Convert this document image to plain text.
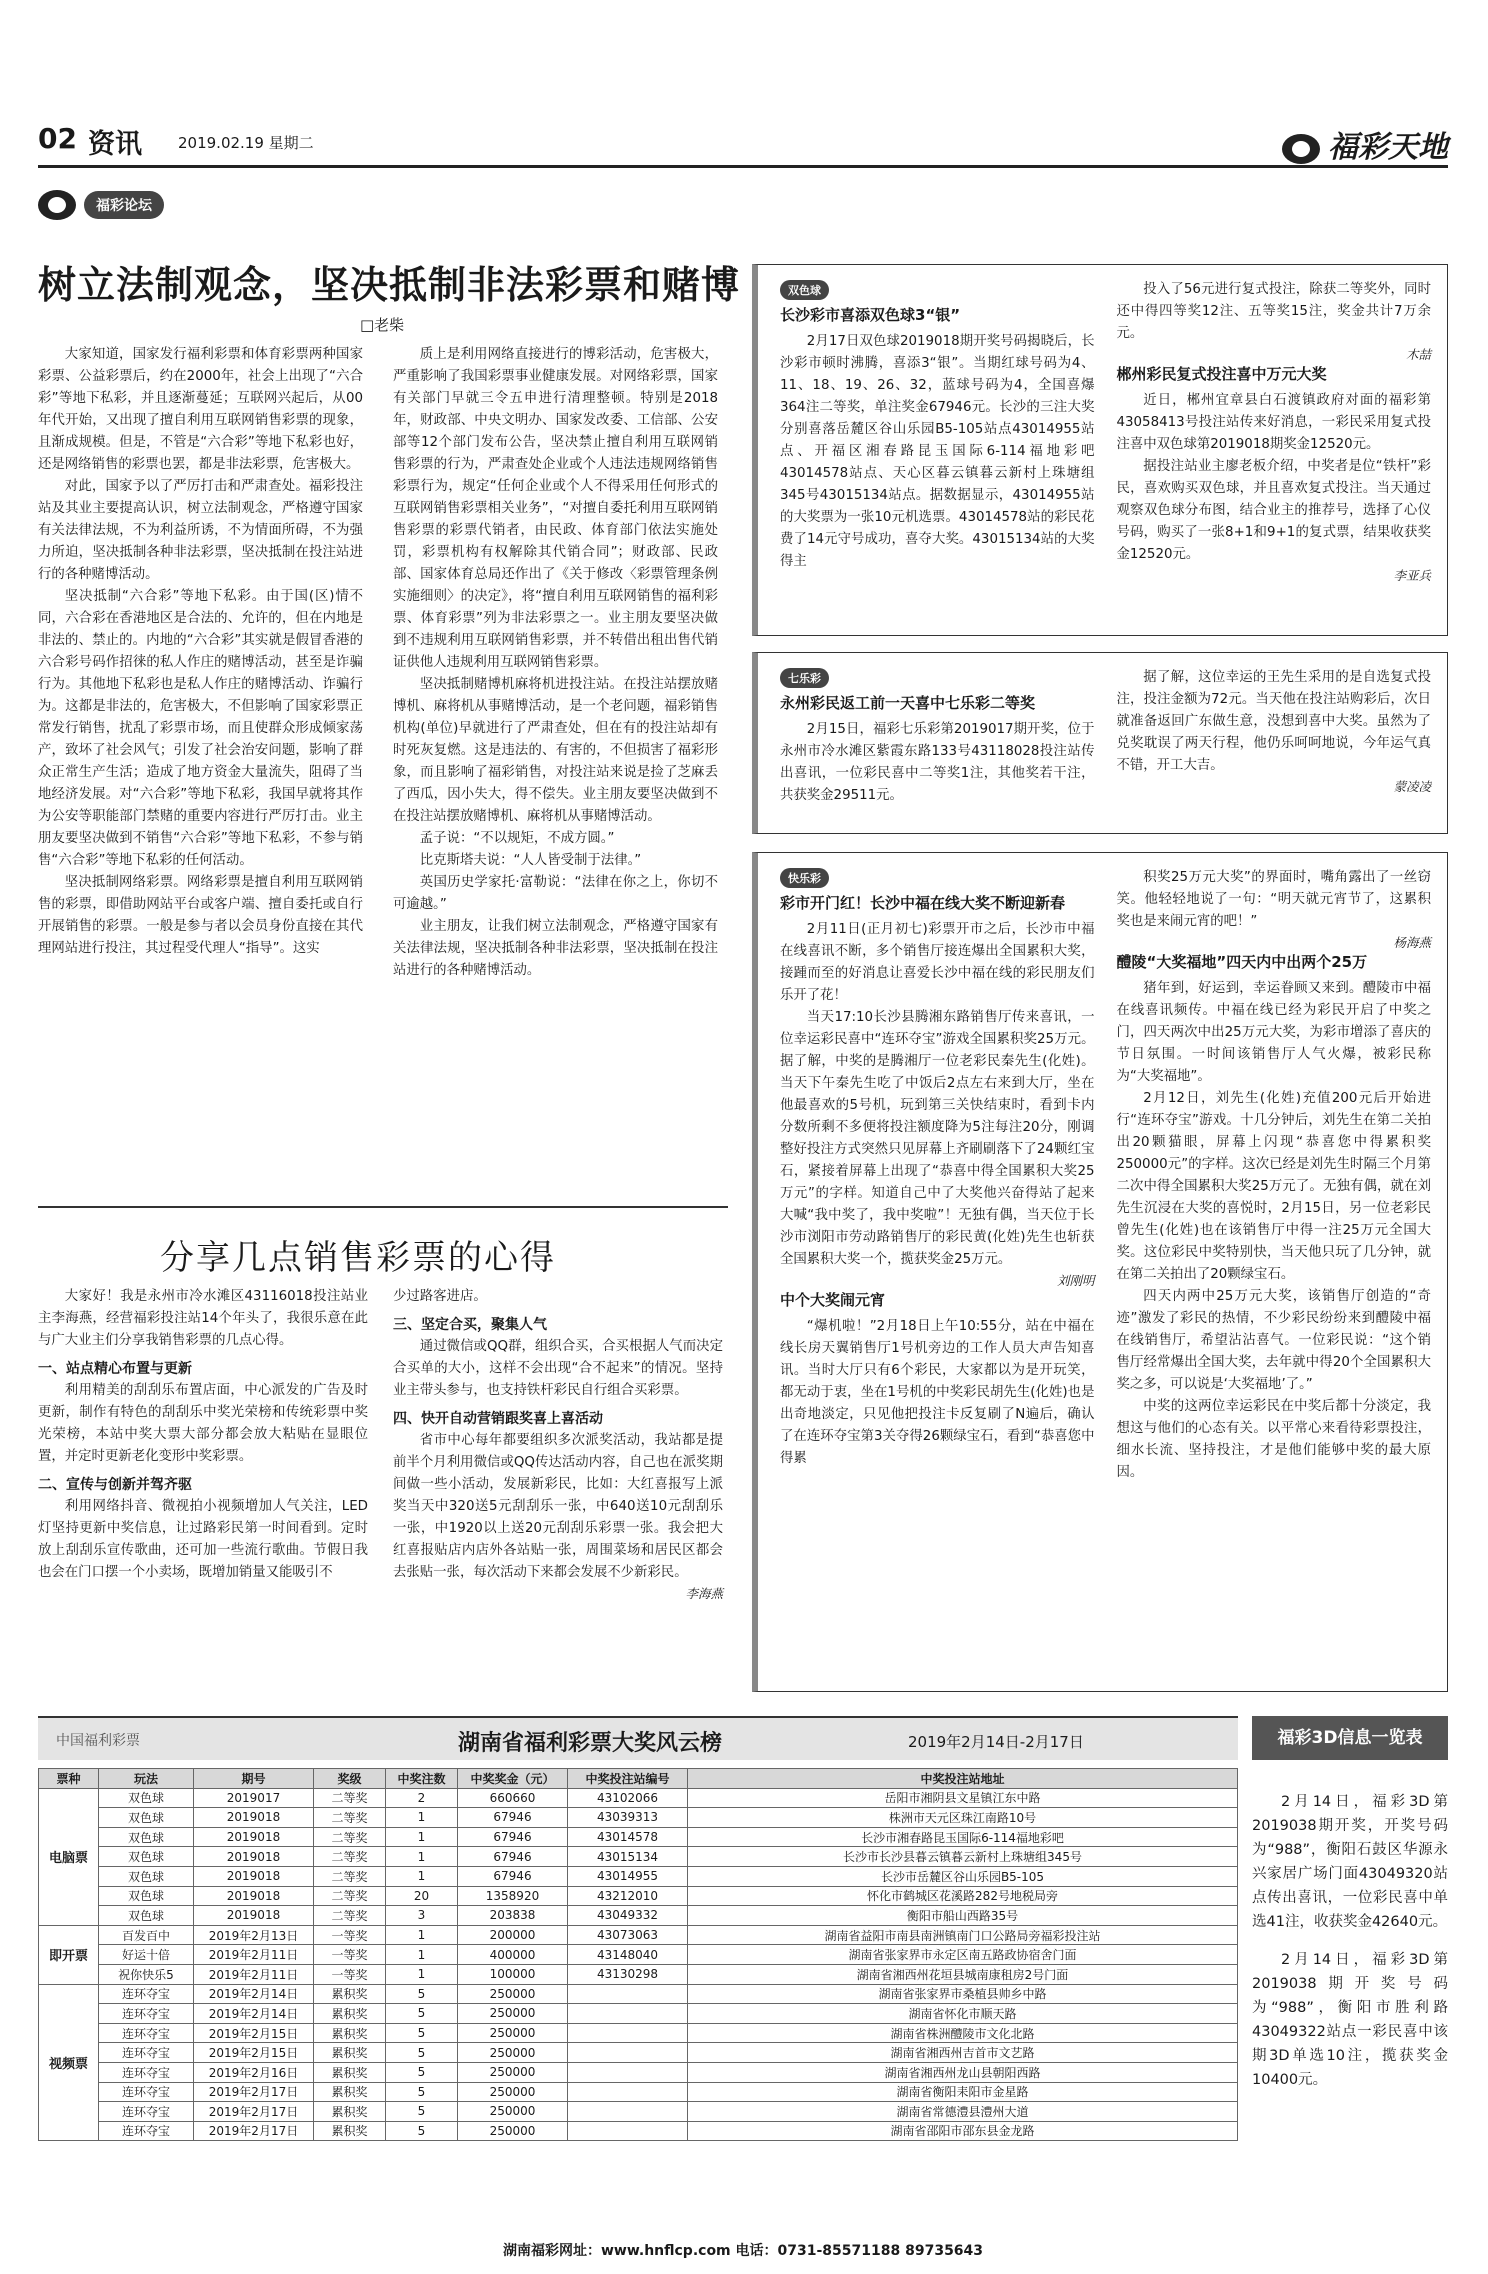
02 资讯 2019.02.19 星期二	福彩天地
福彩论坛
树立法制观念，坚决抵制非法彩票和赌博
□老柴

大家知道，国家发行福利彩票和体育彩票两种国家彩票、公益彩票后，约在2000年，社会上出现了“六合彩”等地下私彩，并且逐渐蔓延；互联网兴起后，从00年代开始，又出现了擅自利用互联网销售彩票的现象，且渐成规模。但是，不管是“六合彩”等地下私彩也好，还是网络销售的彩票也罢，都是非法彩票，危害极大。

对此，国家予以了严厉打击和严肃查处。福彩投注站及其业主要提高认识，树立法制观念，严格遵守国家有关法律法规，不为利益所诱，不为情面所碍，不为强力所迫，坚决抵制各种非法彩票，坚决抵制在投注站进行的各种赌博活动。

坚决抵制“六合彩”等地下私彩。由于国(区)情不同，六合彩在香港地区是合法的、允许的，但在内地是非法的、禁止的。内地的“六合彩”其实就是假冒香港的六合彩号码作招徕的私人作庄的赌博活动，甚至是诈骗行为。其他地下私彩也是私人作庄的赌博活动、诈骗行为。这都是非法的，危害极大，不但影响了国家彩票正常发行销售，扰乱了彩票市场，而且使群众形成倾家荡产，致坏了社会风气；引发了社会治安问题，影响了群众正常生产生活；造成了地方资金大量流失，阻碍了当地经济发展。对“六合彩”等地下私彩，我国早就将其作为公安等职能部门禁赌的重要内容进行严厉打击。业主朋友要坚决做到不销售“六合彩”等地下私彩，不参与销售“六合彩”等地下私彩的任何活动。

坚决抵制网络彩票。网络彩票是擅自利用互联网销售的彩票，即借助网站平台或客户端、擅自委托或自行开展销售的彩票。一般是参与者以会员身份直接在其代理网站进行投注，其过程受代理人“指导”。这实

质上是利用网络直接进行的博彩活动，危害极大，严重影响了我国彩票事业健康发展。对网络彩票，国家有关部门早就三令五申进行清理整顿。特别是2018年，财政部、中央文明办、国家发改委、工信部、公安部等12个部门发布公告，坚决禁止擅自利用互联网销售彩票的行为，严肃查处企业或个人违法违规网络销售彩票行为，规定“任何企业或个人不得采用任何形式的互联网销售彩票相关业务”，“对擅自委托利用互联网销售彩票的彩票代销者，由民政、体育部门依法实施处罚，彩票机构有权解除其代销合同”；财政部、民政部、国家体育总局还作出了《关于修改〈彩票管理条例实施细则〉的决定》，将“擅自利用互联网销售的福利彩票、体育彩票”列为非法彩票之一。业主朋友要坚决做到不违规利用互联网销售彩票，并不转借出租出售代销证供他人违规利用互联网销售彩票。

坚决抵制赌博机麻将机进投注站。在投注站摆放赌博机、麻将机从事赌博活动，是一个老问题，福彩销售机构(单位)早就进行了严肃查处，但在有的投注站却有时死灰复燃。这是违法的、有害的，不但损害了福彩形象，而且影响了福彩销售，对投注站来说是捡了芝麻丢了西瓜，因小失大，得不偿失。业主朋友要坚决做到不在投注站摆放赌博机、麻将机从事赌博活动。

孟子说：“不以规矩，不成方圆。”

比克斯塔夫说：“人人皆受制于法律。”

英国历史学家托·富勒说：“法律在你之上，你切不可逾越。”

业主朋友，让我们树立法制观念，严格遵守国家有关法律法规，坚决抵制各种非法彩票，坚决抵制在投注站进行的各种赌博活动。

双色球
长沙彩市喜添双色球3“银”

2月17日双色球2019018期开奖号码揭晓后，长沙彩市顿时沸腾，喜添3“银”。当期红球号码为4、11、18、19、26、32，蓝球号码为4，全国喜爆364注二等奖，单注奖金67946元。长沙的三注大奖分别喜落岳麓区谷山乐园B5-105站点43014955站点、开福区湘春路昆玉国际6-114福地彩吧43014578站点、天心区暮云镇暮云新村上珠塘组345号43015134站点。据数据显示，43014955站的大奖票为一张10元机选票。43014578站的彩民花费了14元守号成功，喜夺大奖。43015134站的大奖得主

投入了56元进行复式投注，除获二等奖外，同时还中得四等奖12注、五等奖15注，奖金共计7万余元。

木喆
郴州彩民复式投注喜中万元大奖

近日，郴州宜章县白石渡镇政府对面的福彩第43058413号投注站传来好消息，一彩民采用复式投注喜中双色球第2019018期奖金12520元。

据投注站业主廖老板介绍，中奖者是位“铁杆”彩民，喜欢购买双色球，并且喜欢复式投注。当天通过观察双色球分布图，结合业主的推荐号，选择了心仪号码，购买了一张8+1和9+1的复式票，结果收获奖金12520元。

李亚兵
七乐彩
永州彩民返工前一天喜中七乐彩二等奖

2月15日，福彩七乐彩第2019017期开奖，位于永州市冷水滩区紫霞东路133号43118028投注站传出喜讯，一位彩民喜中二等奖1注，其他奖若干注，共获奖金29511元。

据了解，这位幸运的王先生采用的是自选复式投注，投注金额为72元。当天他在投注站购彩后，次日就准备返回广东做生意，没想到喜中大奖。虽然为了兑奖耽误了两天行程，他仍乐呵呵地说，今年运气真不错，开工大吉。

蒙凌凌
快乐彩
彩市开门红！长沙中福在线大奖不断迎新春

2月11日(正月初七)彩票开市之后，长沙市中福在线喜讯不断，多个销售厅接连爆出全国累积大奖，接踵而至的好消息让喜爱长沙中福在线的彩民朋友们乐开了花！

当天17:10长沙县腾湘东路销售厅传来喜讯，一位幸运彩民喜中“连环夺宝”游戏全国累积奖25万元。据了解，中奖的是腾湘厅一位老彩民秦先生(化姓)。当天下午秦先生吃了中饭后2点左右来到大厅，坐在他最喜欢的5号机，玩到第三关快结束时，看到卡内分数所剩不多便将投注额度降为5注每注20分，刚调整好投注方式突然只见屏幕上齐刷刷落下了24颗红宝石，紧接着屏幕上出现了“恭喜中得全国累积大奖25万元”的字样。知道自己中了大奖他兴奋得站了起来大喊“我中奖了，我中奖啦”！无独有偶，当天位于长沙市浏阳市劳动路销售厅的彩民黄(化姓)先生也斩获全国累积大奖一个，揽获奖金25万元。

刘刚明
中个大奖闹元宵

“爆机啦！”2月18日上午10:55分，站在中福在线长房天翼销售厅1号机旁边的工作人员大声告知喜讯。当时大厅只有6个彩民，大家都以为是开玩笑，都无动于衷，坐在1号机的中奖彩民胡先生(化姓)也是出奇地淡定，只见他把投注卡反复刷了N遍后，确认了在连环夺宝第3关夺得26颗绿宝石，看到“恭喜您中得累

积奖25万元大奖”的界面时，嘴角露出了一丝窃笑。他轻轻地说了一句：“明天就元宵节了，这累积奖也是来闹元宵的吧！”

杨海燕
醴陵“大奖福地”四天内中出两个25万

猪年到，好运到，幸运眷顾又来到。醴陵市中福在线喜讯频传。中福在线已经为彩民开启了中奖之门，四天两次中出25万元大奖，为彩市增添了喜庆的节日氛围。一时间该销售厅人气火爆，被彩民称为“大奖福地”。

2月12日，刘先生(化姓)充值200元后开始进行“连环夺宝”游戏。十几分钟后，刘先生在第二关拍出20颗猫眼，屏幕上闪现“恭喜您中得累积奖250000元”的字样。这次已经是刘先生时隔三个月第二次中得全国累积大奖25万元了。无独有偶，就在刘先生沉浸在大奖的喜悦时，2月15日，另一位老彩民曾先生(化姓)也在该销售厅中得一注25万元全国大奖。这位彩民中奖特别快，当天他只玩了几分钟，就在第二关拍出了20颗绿宝石。

四天内两中25万元大奖，该销售厅创造的“奇迹”激发了彩民的热情，不少彩民纷纷来到醴陵中福在线销售厅，希望沾沾喜气。一位彩民说：“这个销售厅经常爆出全国大奖，去年就中得20个全国累积大奖之多，可以说是‘大奖福地’了。”

中奖的这两位幸运彩民在中奖后都十分淡定，我想这与他们的心态有关。以平常心来看待彩票投注，细水长流、坚持投注，才是他们能够中奖的最大原因。

分享几点销售彩票的心得

大家好！我是永州市冷水滩区43116018投注站业主李海燕，经营福彩投注站14个年头了，我很乐意在此与广大业主们分享我销售彩票的几点心得。

一、站点精心布置与更新

利用精美的刮刮乐布置店面，中心派发的广告及时更新，制作有特色的刮刮乐中奖光荣榜和传统彩票中奖光荣榜，本站中奖大票大部分都会放大粘贴在显眼位置，并定时更新老化变形中奖彩票。

二、宣传与创新并驾齐驱

利用网络抖音、微视拍小视频增加人气关注，LED灯坚持更新中奖信息，让过路彩民第一时间看到。定时放上刮刮乐宣传歌曲，还可加一些流行歌曲。节假日我也会在门口摆一个小卖场，既增加销量又能吸引不

少过路客进店。

三、坚定合买，聚集人气

通过微信或QQ群，组织合买，合买根据人气而决定合买单的大小，这样不会出现“合不起来”的情况。坚持业主带头参与，也支持铁杆彩民自行组合买彩票。

四、快开自动营销跟奖喜上喜活动

省市中心每年都要组织多次派奖活动，我站都是提前半个月利用微信或QQ传达活动内容，自己也在派奖期间做一些小活动，发展新彩民，比如：大红喜报写上派奖当天中320送5元刮刮乐一张，中640送10元刮刮乐一张，中1920以上送20元刮刮乐彩票一张。我会把大红喜报贴店内店外各站贴一张，周围菜场和居民区都会去张贴一张，每次活动下来都会发展不少新彩民。

李海燕
中国福利彩票	湖南省福利彩票大奖风云榜	2019年2月14日-2月17日
票种	玩法	期号	奖级	中奖注数	中奖奖金（元）	中奖投注站编号	中奖投注站地址
电脑票	双色球	2019017	二等奖	2	660660	43102066	岳阳市湘阴县文星镇江东中路
	双色球	2019018	二等奖	1	67946	43039313	株洲市天元区珠江南路10号
	双色球	2019018	二等奖	1	67946	43014578	长沙市湘春路昆玉国际6-114福地彩吧
	双色球	2019018	二等奖	1	67946	43015134	长沙市长沙县暮云镇暮云新村上珠塘组345号
	双色球	2019018	二等奖	1	67946	43014955	长沙市岳麓区谷山乐园B5-105
	双色球	2019018	二等奖	20	1358920	43212010	怀化市鹤城区花溪路282号地税局旁
	双色球	2019018	二等奖	3	203838	43049332	衡阳市船山西路35号
即开票	百发百中	2019年2月13日	一等奖	1	200000	43073063	湖南省益阳市南县南洲镇南门口公路局旁福彩投注站
	好运十倍	2019年2月11日	一等奖	1	400000	43148040	湖南省张家界市永定区南五路政协宿舍门面
	祝你快乐5	2019年2月11日	一等奖	1	100000	43130298	湖南省湘西州花垣县城南康租房2号门面
视频票	连环夺宝	2019年2月14日	累积奖	5	250000		湖南省张家界市桑植县帅乡中路
	连环夺宝	2019年2月14日	累积奖	5	250000		湖南省怀化市顺天路
	连环夺宝	2019年2月15日	累积奖	5	250000		湖南省株洲醴陵市文化北路
	连环夺宝	2019年2月15日	累积奖	5	250000		湖南省湘西州吉首市文艺路
	连环夺宝	2019年2月16日	累积奖	5	250000		湖南省湘西州龙山县朝阳西路
	连环夺宝	2019年2月17日	累积奖	5	250000		湖南省衡阳耒阳市金星路
	连环夺宝	2019年2月17日	累积奖	5	250000		湖南省常德澧县澧州大道
	连环夺宝	2019年2月17日	累积奖	5	250000		湖南省邵阳市邵东县金龙路
福彩3D信息一览表

2月14日，福彩3D第2019038期开奖，开奖号码为“988”，衡阳石鼓区华源永兴家居广场门面43049320站点传出喜讯，一位彩民喜中单选41注，收获奖金42640元。

2月14日，福彩3D第2019038期开奖号码为“988”，衡阳市胜利路43049322站点一彩民喜中该期3D单选10注，揽获奖金10400元。

湖南福彩网址：www.hnflcp.com 电话：0731-85571188 89735643
